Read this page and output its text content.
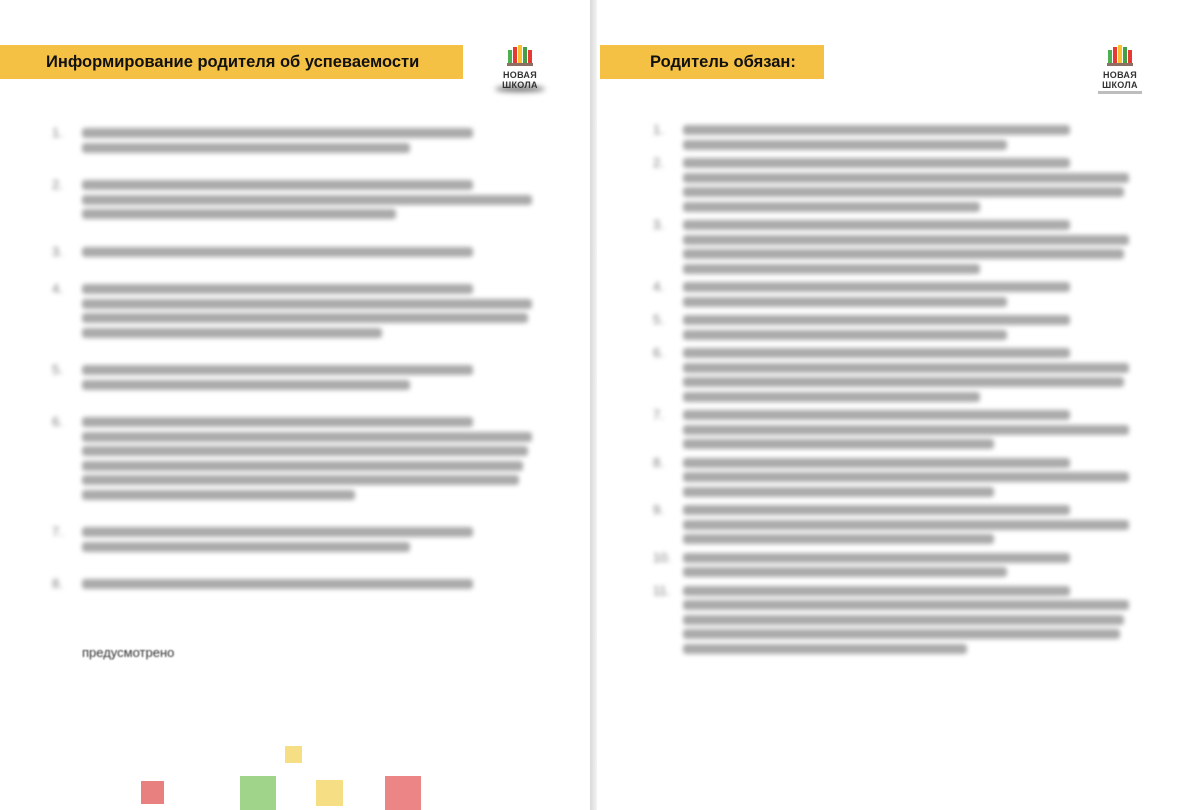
Информирование родителя об успеваемости
НОВАЯ
ШКОЛА
1.
2.
3.
4.
5.
6.
7.
8.
предусмотрено
Родитель обязан:
НОВАЯ
ШКОЛА
1.
2.
3.
4.
5.
6.
7.
8.
9.
10.
11.
